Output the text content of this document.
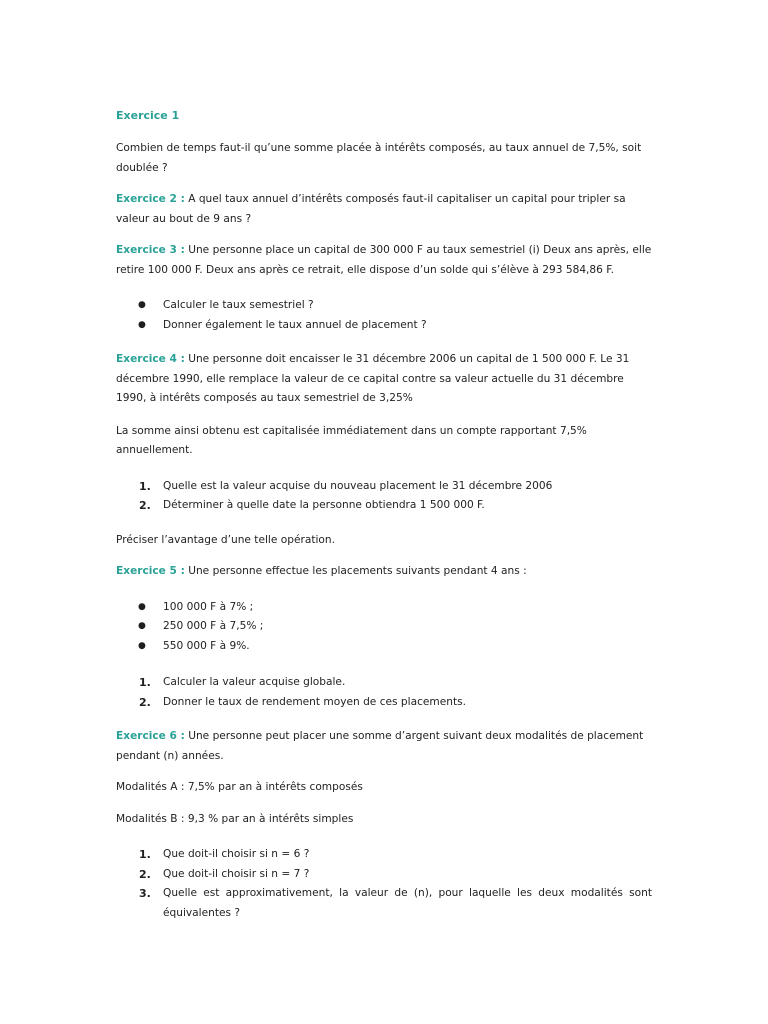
Exercice 1

Combien de temps faut-il qu’une somme placée à intérêts composés, au taux annuel de 7,5%, soit doublée ?

Exercice 2 : A quel taux annuel d’intérêts composés faut-il capitaliser un capital pour tripler sa valeur au bout de 9 ans ?

Exercice 3 : Une personne place un capital de 300 000 F au taux semestriel (i) Deux ans après, elle retire 100 000 F. Deux ans après ce retrait, elle dispose d’un solde qui s’élève à 293 584,86 F.

● Calculer le taux semestriel ?
● Donner également le taux annuel de placement ?

Exercice 4 : Une personne doit encaisser le 31 décembre 2006 un capital de 1 500 000 F. Le 31 décembre 1990, elle remplace la valeur de ce capital contre sa valeur actuelle du 31 décembre 1990, à intérêts composés au taux semestriel de 3,25%

La somme ainsi obtenu est capitalisée immédiatement dans un compte rapportant 7,5% annuellement.

1. Quelle est la valeur acquise du nouveau placement le 31 décembre 2006
2. Déterminer à quelle date la personne obtiendra 1 500 000 F.

Préciser l’avantage d’une telle opération.

Exercice 5 : Une personne effectue les placements suivants pendant 4 ans :

● 100 000 F à 7% ;
● 250 000 F à 7,5% ;
● 550 000 F à 9%.
1. Calculer la valeur acquise globale.
2. Donner le taux de rendement moyen de ces placements.

Exercice 6 : Une personne peut placer une somme d’argent suivant deux modalités de placement pendant (n) années.

Modalités A : 7,5% par an à intérêts composés

Modalités B : 9,3 % par an à intérêts simples

1. Que doit-il choisir si n = 6 ?
2. Que doit-il choisir si n = 7 ?
3. Quelle est approximativement, la valeur de (n), pour laquelle les deux modalités sont équivalentes ?
